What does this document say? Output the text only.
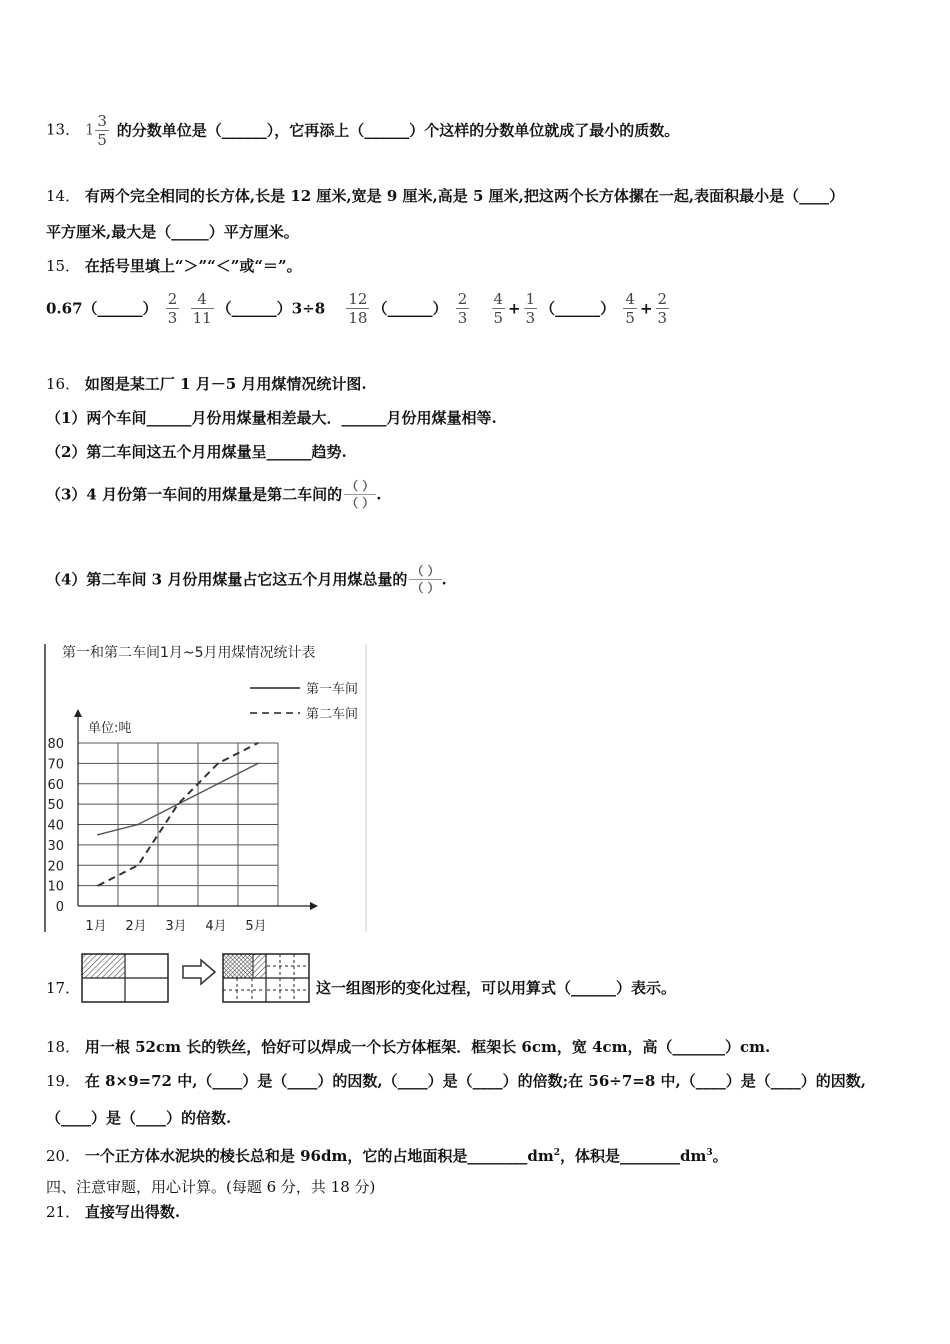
13． $1 \frac{3}{5}$ 的分数单位是（______），它再添上（______）个这样的分数单位就成了最小的质数。
14． 有两个完全相同的长方体,长是 12 厘米,宽是 9 厘米,高是 5 厘米,把这两个长方体摞在一起,表面积最小是（____）
平方厘米,最大是（_____）平方厘米。
15． 在括号里填上“＞”“＜”或“＝”。
0.67（______） $\frac{2}{3}$
$\frac{4}{11}$ （______）3÷8 $\frac{12}{18}$ （______） $\frac{2}{3}$
$\frac{4}{5} + \frac{1}{3}$ （______） $\frac{4}{5} + \frac{2}{3}$
16． 如图是某工厂 1 月－5 月用煤情况统计图.
（1）两个车间______月份用煤量相差最大．______月份用煤量相等.
（2）第二车间这五个月用煤量呈______趋势.
（3）4 月份第一车间的用煤量是第二车间的 $\frac{( )}{( )}$ .
（4）第二车间 3 月份用煤量占它这五个月用煤总量的 $\frac{( )}{( )}$ .
第一和第二车间1月~5月用煤情况统计表
第一车间
第二车间
单位:吨
0
10
20
30
40
50
60
70
80
1月 2月 3月 4月 5月
17．	这一组图形的变化过程，可以用算式（______）表示。
18． 用一根 52cm 长的铁丝，恰好可以焊成一个长方体框架．框架长 6cm，宽 4cm，高（_______）cm.
19． 在 8×9=72 中,（____）是（____）的因数,（____）是（____）的倍数;在 56÷7=8 中,（____）是（____）的因数,
（____）是（____）的倍数.
20． 一个正方体水泥块的棱长总和是 96dm，它的占地面积是$\_\_\_\_\_\_\_\_dm^2$，体积是$\_\_\_\_\_\_\_\_dm^3$。
四、注意审题，用心计算。(每题 6 分，共 18 分)
21． 直接写出得数.
